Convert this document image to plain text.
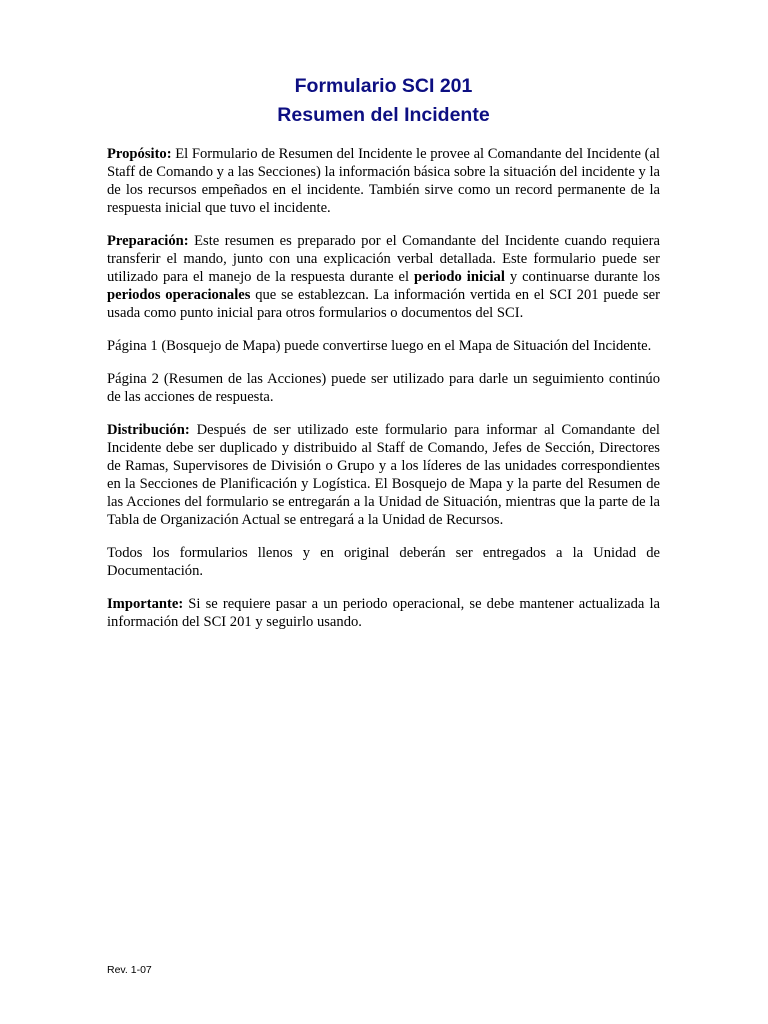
Formulario SCI 201
Resumen del Incidente

Propósito: El Formulario de Resumen del Incidente le provee al Comandante del Incidente (al Staff de Comando y a las Secciones) la información básica sobre la situación del incidente y la de los recursos empeñados en el incidente. También sirve como un record permanente de la respuesta inicial que tuvo el incidente.

Preparación: Este resumen es preparado por el Comandante del Incidente cuando requiera transferir el mando, junto con una explicación verbal detallada. Este formulario puede ser utilizado para el manejo de la respuesta durante el periodo inicial y continuarse durante los periodos operacionales que se establezcan. La información vertida en el SCI 201 puede ser usada como punto inicial para otros formularios o documentos del SCI.

Página 1 (Bosquejo de Mapa) puede convertirse luego en el Mapa de Situación del Incidente.

Página 2 (Resumen de las Acciones) puede ser utilizado para darle un seguimiento continúo de las acciones de respuesta.

Distribución: Después de ser utilizado este formulario para informar al Comandante del Incidente debe ser duplicado y distribuido al Staff de Comando, Jefes de Sección, Directores de Ramas, Supervisores de División o Grupo y a los líderes de las unidades correspondientes en la Secciones de Planificación y Logística. El Bosquejo de Mapa y la parte del Resumen de las Acciones del formulario se entregarán a la Unidad de Situación, mientras que la parte de la Tabla de Organización Actual se entregará a la Unidad de Recursos.

Todos los formularios llenos y en original deberán ser entregados a la Unidad de Documentación.

Importante: Si se requiere pasar a un periodo operacional, se debe mantener actualizada la información del SCI 201 y seguirlo usando.

Rev. 1-07
